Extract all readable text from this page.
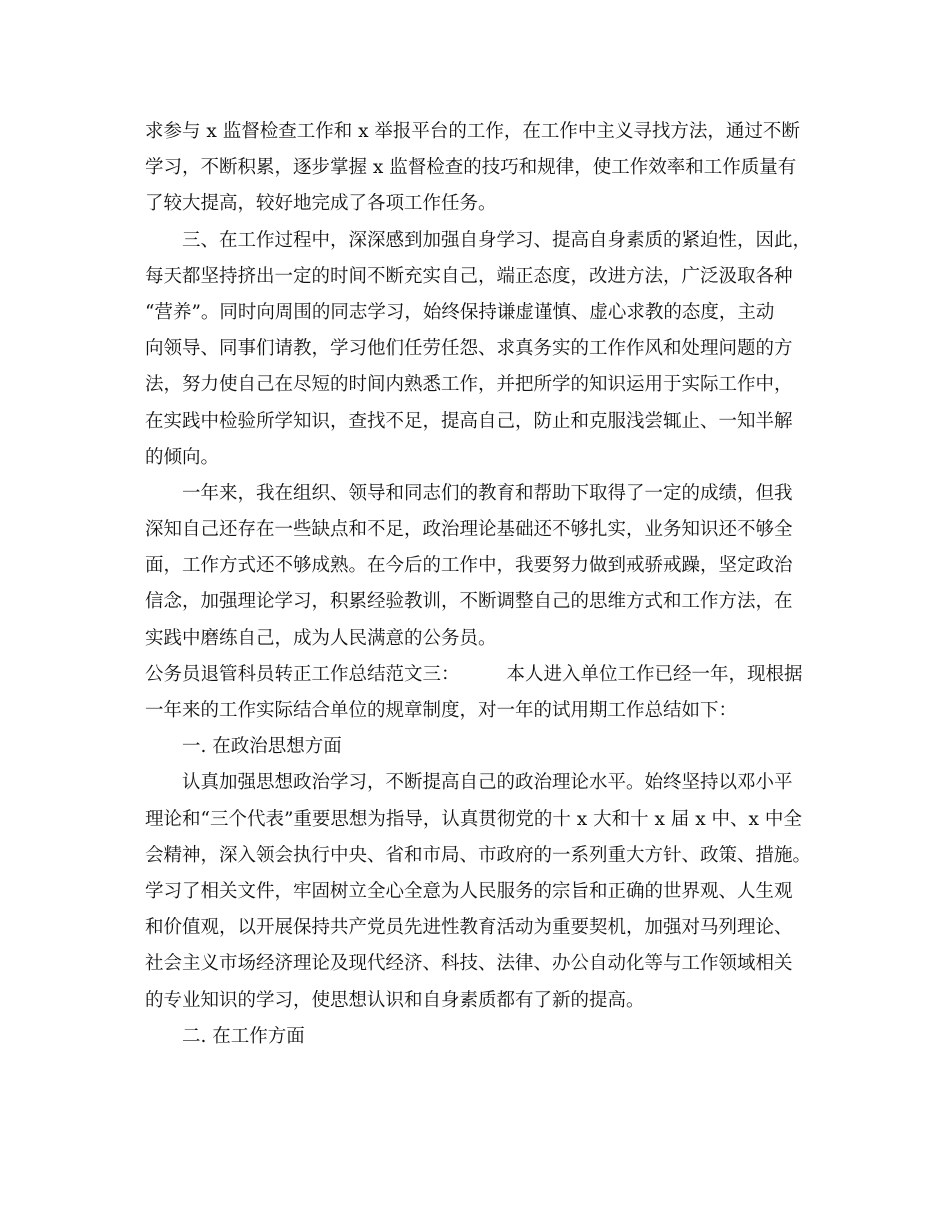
求参与 x 监督检查工作和 x 举报平台的工作，在工作中主义寻找方法，通过不断
学习，不断积累，逐步掌握 x 监督检查的技巧和规律，使工作效率和工作质量有
了较大提高，较好地完成了各项工作任务。
三、在工作过程中，深深感到加强自身学习、提高自身素质的紧迫性，因此，
每天都坚持挤出一定的时间不断充实自己，端正态度，改进方法，广泛汲取各种
“营养”。同时向周围的同志学习，始终保持谦虚谨慎、虚心求教的态度，主动
向领导、同事们请教，学习他们任劳任怨、求真务实的工作作风和处理问题的方
法，努力使自己在尽短的时间内熟悉工作，并把所学的知识运用于实际工作中，
在实践中检验所学知识，查找不足，提高自己，防止和克服浅尝辄止、一知半解
的倾向。
一年来，我在组织、领导和同志们的教育和帮助下取得了一定的成绩，但我
深知自己还存在一些缺点和不足，政治理论基础还不够扎实，业务知识还不够全
面，工作方式还不够成熟。在今后的工作中，我要努力做到戒骄戒躁，坚定政治
信念，加强理论学习，积累经验教训，不断调整自己的思维方式和工作方法，在
实践中磨练自己，成为人民满意的公务员。
公务员退管科员转正工作总结范文三：        本人进入单位工作已经一年，现根据
一年来的工作实际结合单位的规章制度，对一年的试用期工作总结如下：
一. 在政治思想方面
认真加强思想政治学习，不断提高自己的政治理论水平。始终坚持以邓小平
理论和“三个代表”重要思想为指导，认真贯彻党的十 x 大和十 x 届 x 中、x 中全
会精神，深入领会执行中央、省和市局、市政府的一系列重大方针、政策、措施。
学习了相关文件，牢固树立全心全意为人民服务的宗旨和正确的世界观、人生观
和价值观，以开展保持共产党员先进性教育活动为重要契机，加强对马列理论、
社会主义市场经济理论及现代经济、科技、法律、办公自动化等与工作领域相关
的专业知识的学习，使思想认识和自身素质都有了新的提高。
二. 在工作方面
